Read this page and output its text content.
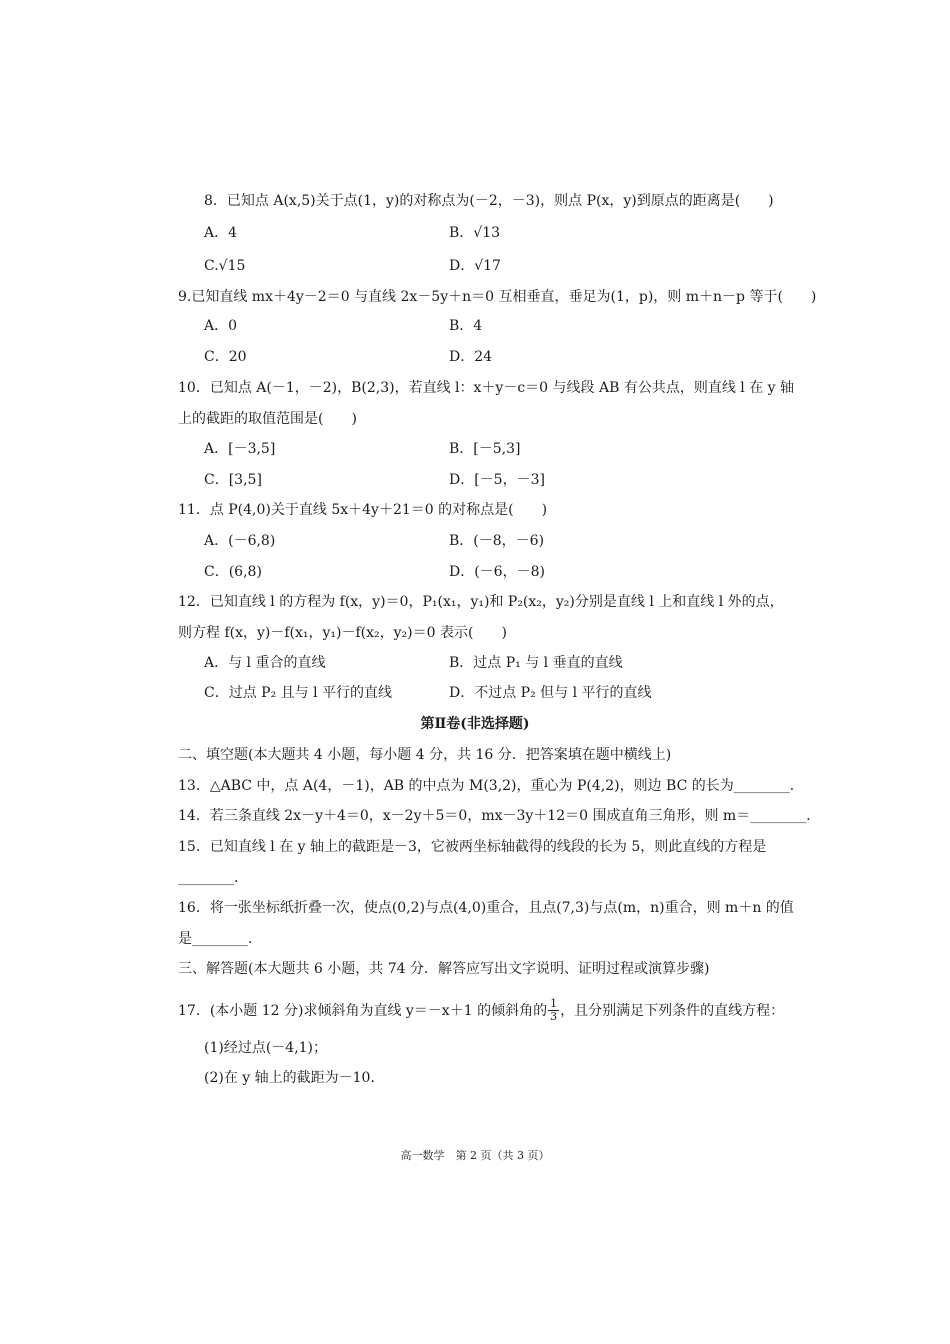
8．已知点 A(x,5)关于点(1，y)的对称点为(－2，－3)，则点 P(x，y)到原点的距离是(　　)
A．4	B．√13
C.√15	D．√17
9.已知直线 mx＋4y－2＝0 与直线 2x－5y＋n＝0 互相垂直，垂足为(1，p)，则 m＋n－p 等于(　　)
A．0	B．4
C．20	D．24
10．已知点 A(－1，－2)，B(2,3)，若直线 l：x＋y－c＝0 与线段 AB 有公共点，则直线 l 在 y 轴
上的截距的取值范围是(　　)
A．[－3,5]	B．[－5,3]
C．[3,5]	D．[－5，－3]
11．点 P(4,0)关于直线 5x＋4y＋21＝0 的对称点是(　　)
A．(－6,8)	B．(－8，－6)
C．(6,8)	D．(－6，－8)
12．已知直线 l 的方程为 f(x，y)＝0，P₁(x₁，y₁)和 P₂(x₂，y₂)分别是直线 l 上和直线 l 外的点，
则方程 f(x，y)－f(x₁，y₁)－f(x₂，y₂)＝0 表示(　　)
A．与 l 重合的直线	B．过点 P₁ 与 l 垂直的直线
C．过点 P₂ 且与 l 平行的直线	D．不过点 P₂ 但与 l 平行的直线
第Ⅱ卷(非选择题)
二、填空题(本大题共 4 小题，每小题 4 分，共 16 分．把答案填在题中横线上)
13．△ABC 中，点 A(4，－1)，AB 的中点为 M(3,2)，重心为 P(4,2)，则边 BC 的长为________．
14．若三条直线 2x－y＋4＝0，x－2y＋5＝0，mx－3y＋12＝0 围成直角三角形，则 m＝________．
15．已知直线 l 在 y 轴上的截距是－3，它被两坐标轴截得的线段的长为 5，则此直线的方程是
________．
16．将一张坐标纸折叠一次，使点(0,2)与点(4,0)重合，且点(7,3)与点(m，n)重合，则 m＋n 的值
是________．
三、解答题(本大题共 6 小题，共 74 分．解答应写出文字说明、证明过程或演算步骤)
17．(本小题 12 分)求倾斜角为直线 y＝－x＋1 的倾斜角的 $\frac{1}{3}$ ，且分别满足下列条件的直线方程：
(1)经过点(－4,1)；
(2)在 y 轴上的截距为－10.
高一数学　第 2 页（共 3 页）
